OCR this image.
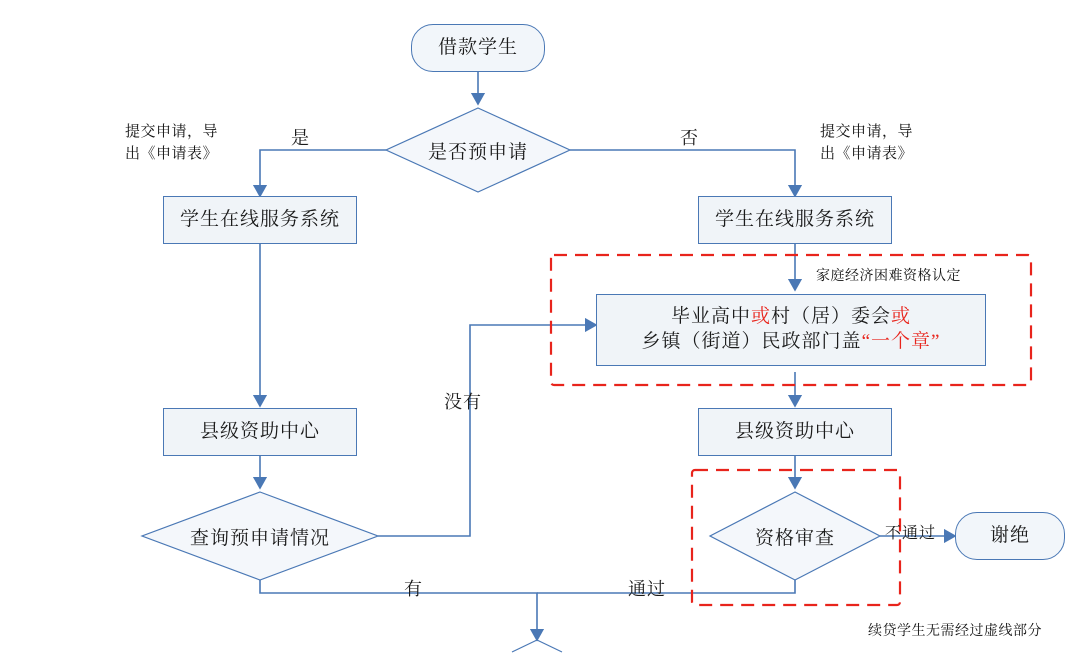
借款学生
是否预申请
学生在线服务系统	学生在线服务系统
毕业高中或村（居）委会或
乡镇（街道）民政部门盖“一个章”
县级资助中心	县级资助中心
查询预申请情况	资格审查	谢绝
是	否
没有
有	通过
不通过
提交申请，导
出《申请表》
提交申请，导
出《申请表》
家庭经济困难资格认定
续贷学生无需经过虚线部分
